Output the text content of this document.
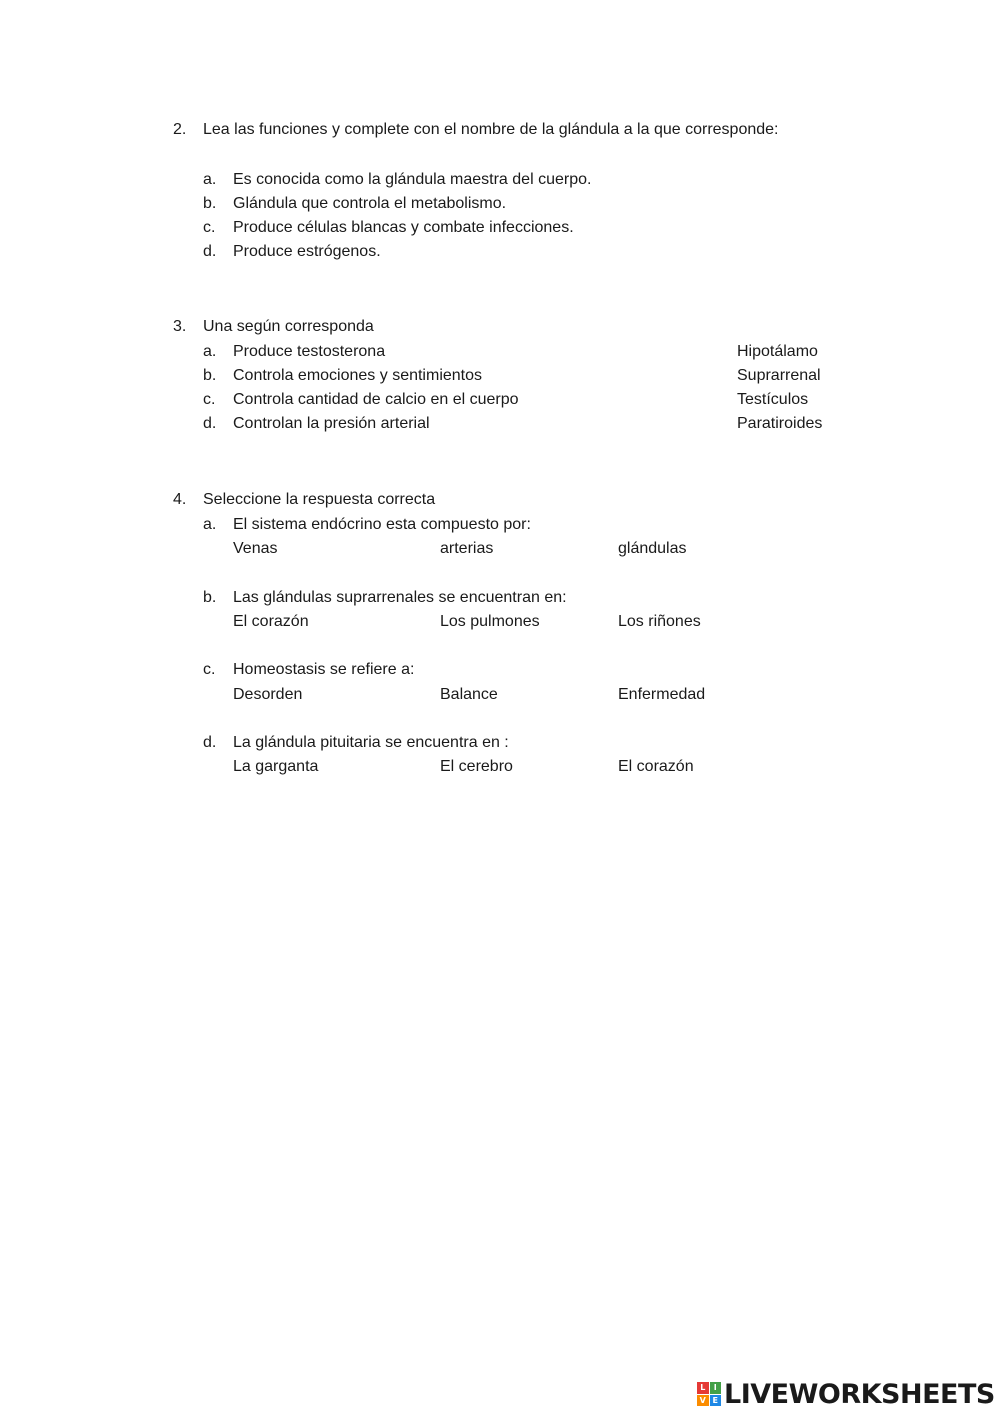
2. Lea las funciones y complete con el nombre de la glándula a la que corresponde:
a. Es conocida como la glándula maestra del cuerpo.
b. Glándula que controla el metabolismo.
c. Produce células blancas y combate infecciones.
d. Produce estrógenos.
3. Una según corresponda
a. Produce testosterona	Hipotálamo
b. Controla emociones y sentimientos	Suprarrenal
c. Controla cantidad de calcio en el cuerpo	Testículos
d. Controlan la presión arterial	Paratiroides
4. Seleccione la respuesta correcta
a. El sistema endócrino esta compuesto por:
Venas	arterias	glándulas
b. Las glándulas suprarrenales se encuentran en:
El corazón	Los pulmones	Los riñones
c. Homeostasis se refiere a:
Desorden	Balance	Enfermedad
d. La glándula pituitaria se encuentra en :
La garganta	El cerebro	El corazón
L	I
V E LIVEWORKSHEETS
